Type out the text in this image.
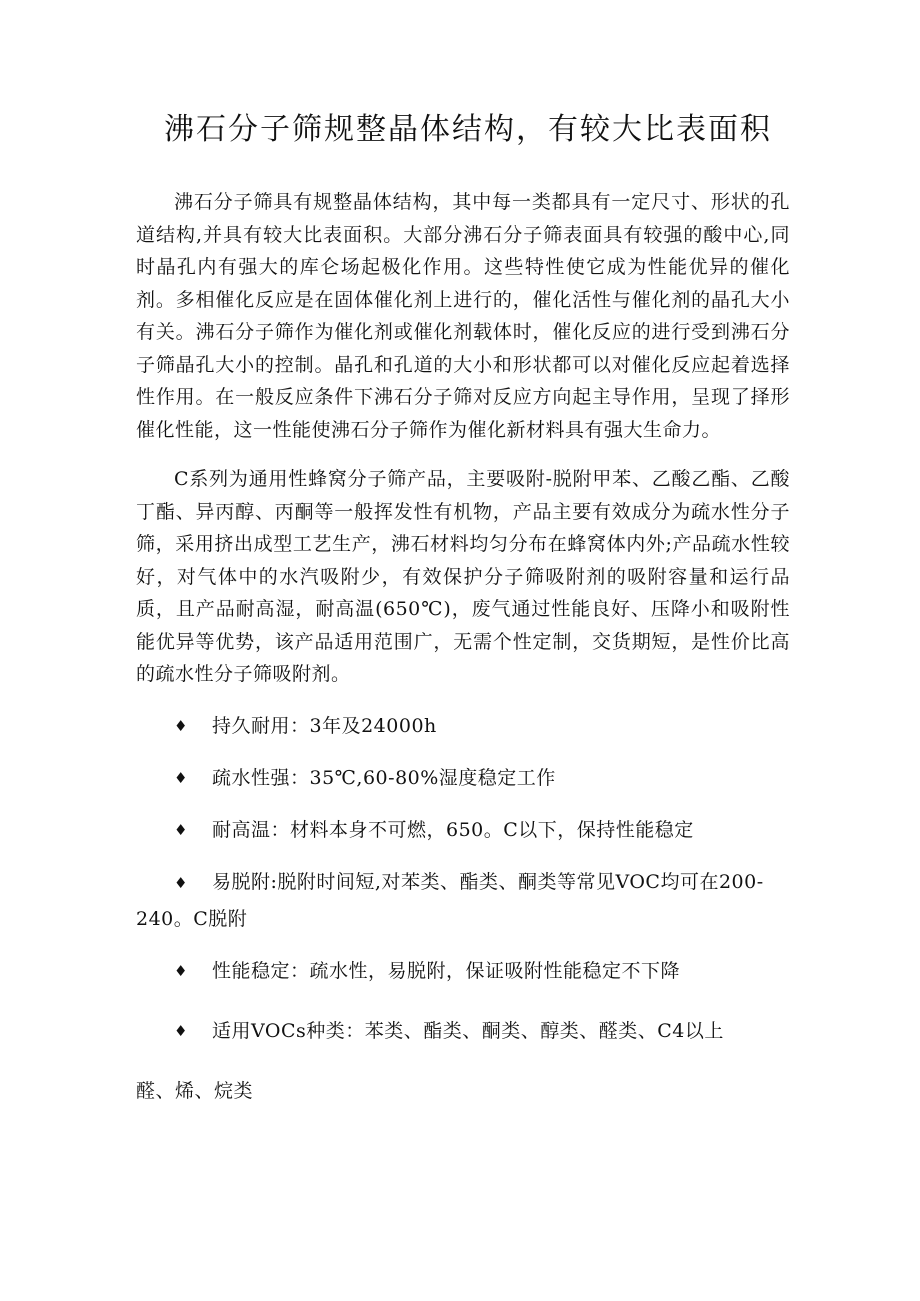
沸石分子筛规整晶体结构，有较大比表面积

沸石分子筛具有规整晶体结构，其中每一类都具有一定尺寸、形状的孔道结构,并具有较大比表面积。大部分沸石分子筛表面具有较强的酸中心,同时晶孔内有强大的库仑场起极化作用。这些特性使它成为性能优异的催化剂。多相催化反应是在固体催化剂上进行的，催化活性与催化剂的晶孔大小有关。沸石分子筛作为催化剂或催化剂载体时，催化反应的进行受到沸石分子筛晶孔大小的控制。晶孔和孔道的大小和形状都可以对催化反应起着选择性作用。在一般反应条件下沸石分子筛对反应方向起主导作用，呈现了择形催化性能，这一性能使沸石分子筛作为催化新材料具有强大生命力。

C系列为通用性蜂窝分子筛产品，主要吸附-脱附甲苯、乙酸乙酯、乙酸丁酯、异丙醇、丙酮等一般挥发性有机物，产品主要有效成分为疏水性分子筛，采用挤出成型工艺生产，沸石材料均匀分布在蜂窝体内外;产品疏水性较好，对气体中的水汽吸附少，有效保护分子筛吸附剂的吸附容量和运行品质，且产品耐高湿，耐高温(650℃)，废气通过性能良好、压降小和吸附性能优异等优势，该产品适用范围广，无需个性定制，交货期短，是性价比高的疏水性分子筛吸附剂。

♦ 持久耐用：3年及24000h
♦ 疏水性强：35℃,60-80%湿度稳定工作
♦ 耐高温：材料本身不可燃，650。C以下，保持性能稳定
♦ 易脱附:脱附时间短,对苯类、酯类、酮类等常见VOC均可在200-240。C脱附
♦ 性能稳定：疏水性，易脱附，保证吸附性能稳定不下降
♦ 适用VOCs种类：苯类、酯类、酮类、醇类、醛类、C4以上

醛、烯、烷类
